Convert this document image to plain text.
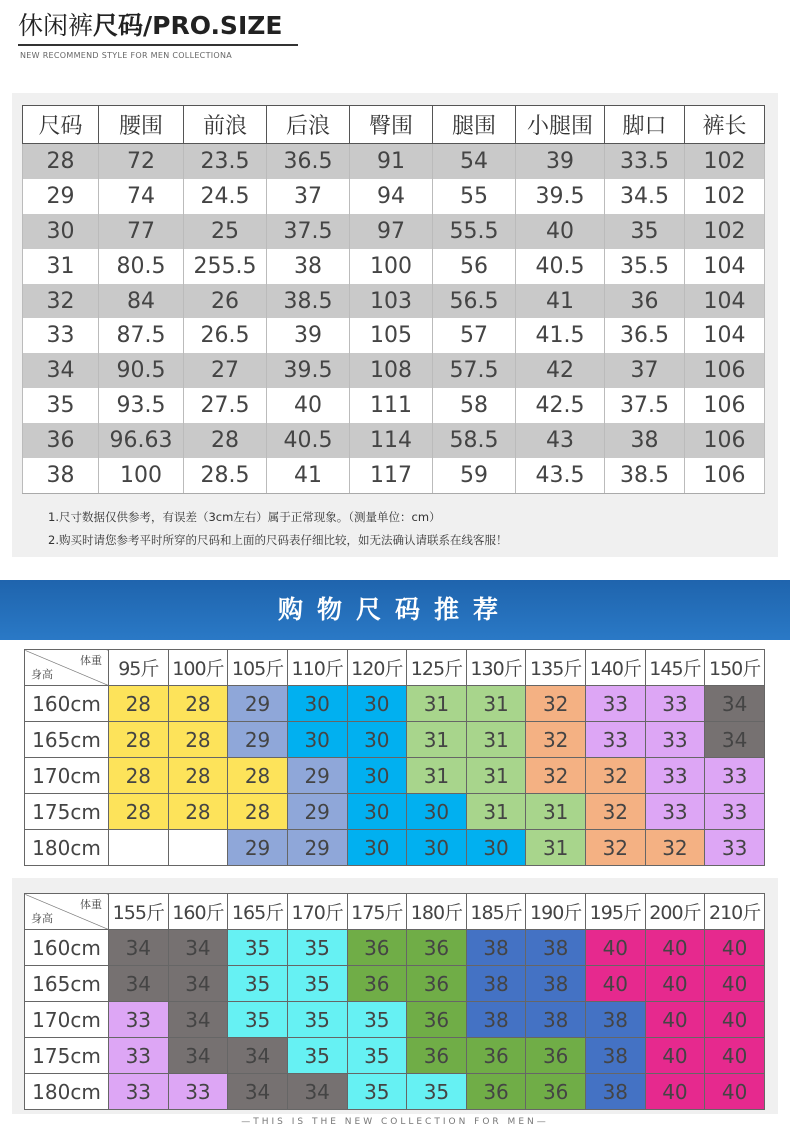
休闲裤尺码/PRO.SIZE
NEW RECOMMEND STYLE FOR MEN COLLECTIONA
尺码	腰围	前浪	后浪	臀围	腿围	小腿围	脚口	裤长
28	72	23.5	36.5	91	54	39	33.5	102
29	74	24.5	37	94	55	39.5	34.5	102
30	77	25	37.5	97	55.5	40	35	102
31	80.5	255.5	38	100	56	40.5	35.5	104
32	84	26	38.5	103	56.5	41	36	104
33	87.5	26.5	39	105	57	41.5	36.5	104
34	90.5	27	39.5	108	57.5	42	37	106
35	93.5	27.5	40	111	58	42.5	37.5	106
36	96.63	28	40.5	114	58.5	43	38	106
38	100	28.5	41	117	59	43.5	38.5	106
1.尺寸数据仅供参考，有误差（3cm左右）属于正常现象。（测量单位：cm）
2.购买时请您参考平时所穿的尺码和上面的尺码表仔细比较，如无法确认请联系在线客服！
购物尺码推荐
体重
身高	95斤	100斤	105斤	110斤	120斤	125斤	130斤	135斤	140斤	145斤	150斤
160cm	28	28	29	30	30	31	31	32	33	33	34
165cm	28	28	29	30	30	31	31	32	33	33	34
170cm	28	28	28	29	30	31	31	32	32	33	33
175cm	28	28	28	29	30	30	31	31	32	33	33
180cm			29	29	30	30	30	31	32	32	33
体重
身高	155斤	160斤	165斤	170斤	175斤	180斤	185斤	190斤	195斤	200斤	210斤
160cm	34	34	35	35	36	36	38	38	40	40	40
165cm	34	34	35	35	36	36	38	38	40	40	40
170cm	33	34	35	35	35	36	38	38	38	40	40
175cm	33	34	34	35	35	36	36	36	38	40	40
180cm	33	33	34	34	35	35	36	36	38	40	40
—THIS IS THE NEW COLLECTION FOR MEN—
